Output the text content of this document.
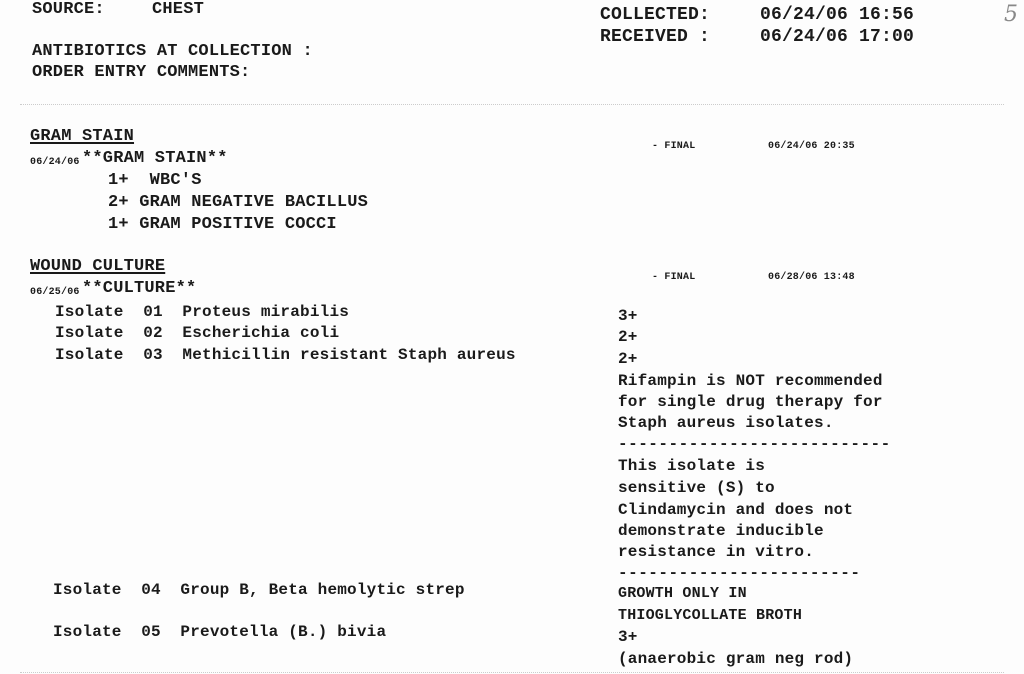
SOURCE:	CHEST	COLLECTED:	06/24/06 16:56
RECEIVED :	06/24/06 17:00
5
ANTIBIOTICS AT COLLECTION :
ORDER ENTRY COMMENTS:
GRAM STAIN
- FINAL	06/24/06 20:35
06/24/06 **GRAM STAIN**
1+  WBC'S
2+ GRAM NEGATIVE BACILLUS
1+ GRAM POSITIVE COCCI
WOUND CULTURE
- FINAL	06/28/06 13:48
06/25/06 **CULTURE**
Isolate  01  Proteus mirabilis	3+
Isolate  02  Escherichia coli	2+
Isolate  03  Methicillin resistant Staph aureus	2+
Rifampin is NOT recommended
for single drug therapy for
Staph aureus isolates.
---------------------------
This isolate is
sensitive (S) to
Clindamycin and does not
demonstrate inducible
resistance in vitro.
------------------------
Isolate  04  Group B, Beta hemolytic strep	GROWTH ONLY IN
THIOGLYCOLLATE BROTH
Isolate  05  Prevotella (B.) bivia	3+
(anaerobic gram neg rod)
